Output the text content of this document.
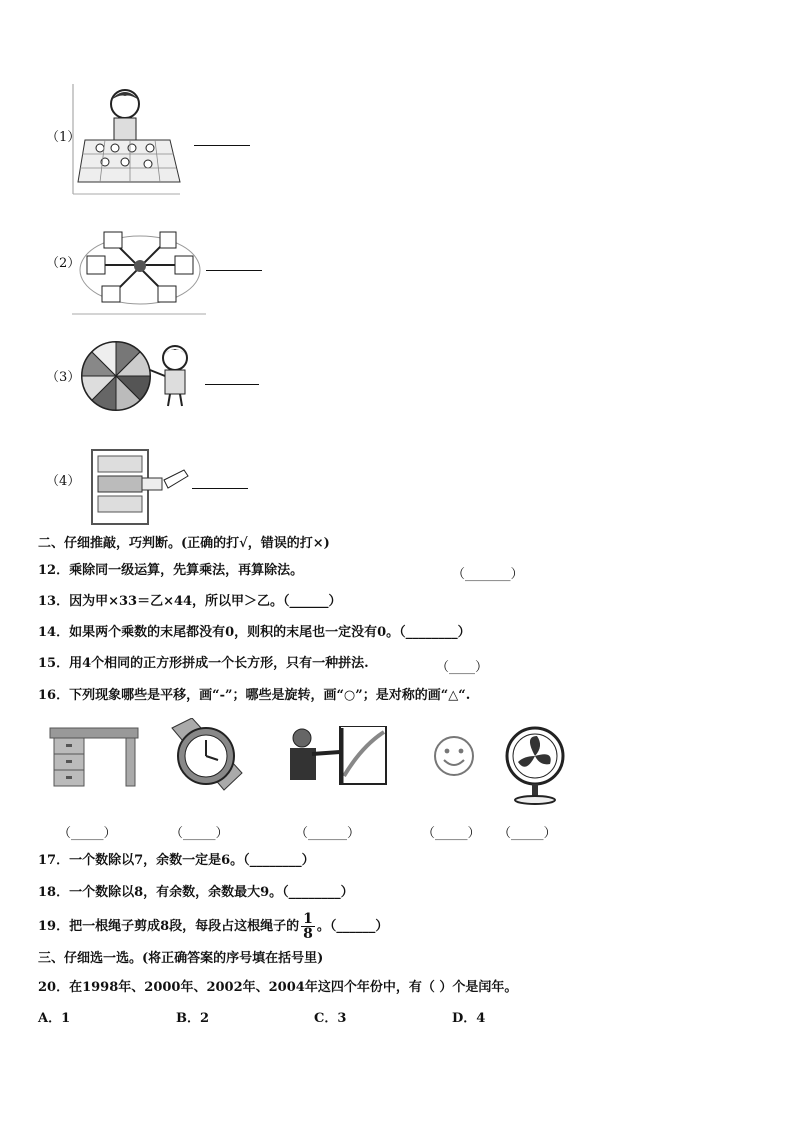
（1）
（2）
（3）
（4）
二、仔细推敲，巧判断。(正确的打√，错误的打×)
12．乘除同一级运算，先算乘法，再算除法。	（_______）
13．因为甲×33＝乙×44，所以甲＞乙。（______）
14．如果两个乘数的末尾都没有0，则积的末尾也一定没有0。（________）
15．用4个相同的正方形拼成一个长方形，只有一种拼法.	（____）
16．下列现象哪些是平移，画“-”；哪些是旋转，画“○”；是对称的画“△“.
（_____）	（_____）	（______）	（_____） （_____）
17．一个数除以7，余数一定是6。（________）
18．一个数除以8，有余数，余数最大9。（________）
19．把一根绳子剪成8段，每段占这根绳子的 $\frac{1}{8}$ 。（______）
三、仔细选一选。(将正确答案的序号填在括号里)
20．在1998年、2000年、2002年、2004年这四个年份中，有（ ）个是闰年。
A．1	B．2	C．3	D．4
